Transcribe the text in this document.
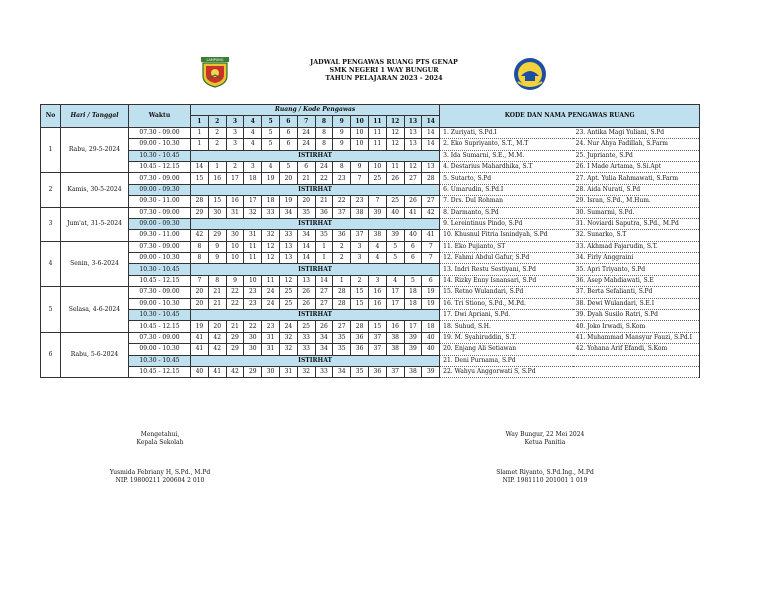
LAMPUNG	JADWAL PENGAWAS RUANG PTS GENAP
SMK NEGERI 1 WAY BUNGUR
TAHUN PELAJARAN 2023 - 2024
No	Hari / Tanggal	Waktu	Ruang / Kode Pengawas														KODE DAN NAMA PENGAWAS RUANG	
			1	2	3	4	5	6	7	8	9	10	11	12	13	14		
1	Rabu, 29-5-2024	07.30 - 09.00	1	2	3	4	5	6	24	8	9	10	11	12	13	14	1. Zuriyati, S.Pd.I	23. Antika Magi Yuliani, S.Pd
		09.00 - 10.30	1	2	3	4	5	6	24	8	9	10	11	12	13	14	2. Eko Supriyanto, S.T., M.T	24. Nur Ahya Fadillah, S.Farm
		10.30 - 10.45	ISTIRHAT														3. Ida Sumarni, S.E., M.M.	25. Jupriante, S.Pd
		10.45 - 12.15	14	1	2	3	4	5	6	24	8	9	10	11	12	13	4. Destarius Mahardhika, S.T	26. I Made Artama, S.Si.Apt
2	Kamis, 30-5-2024	07.30 - 09.00	15	16	17	18	19	20	21	22	23	7	25	26	27	28	5. Sutarto, S.Pd	27. Apt. Yulia Rahmawati, S.Farm
		09.00 - 09.30	ISTIRHAT														6. Umarudin, S.Pd.I	28. Aida Nurati, S.Pd
		09.30 - 11.00	28	15	16	17	18	19	20	21	22	23	7	25	26	27	7. Drs. Dul Rohman	29. Isran, S.Pd., M.Hum.
3	Jum'at, 31-5-2024	07.30 - 09.00	29	30	31	32	33	34	35	36	37	38	39	40	41	42	8. Darmanto, S.Pd	30. Sumarmi, S.Pd.
		09.00 - 09.30	ISTIRHAT														9. Lereintinus Pindo, S.Pd	31. Noviardi Saputra, S.Pd., M.Pd
		09.30 - 11.00	42	29	30	31	32	33	34	35	36	37	38	39	40	41	10. Khusnul Fitria Isnindyah, S.Pd	32. Sunarko, S.T
4	Senin, 3-6-2024	07.30 - 09.00	8	9	10	11	12	13	14	1	2	3	4	5	6	7	11. Eko Pujianto, ST	33. Akhmad Fajarudin, S.T.
		09.00 - 10.30	8	9	10	11	12	13	14	1	2	3	4	5	6	7	12. Fahmi Abdul Gafur, S.Pd	34. Firly Anggraini
		10.30 - 10.45	ISTIRHAT														13. Indri Restu Sestiyani, S.Pd	35. Apri Triyanto, S.Pd
		10.45 - 12.15	7	8	9	10	11	12	13	14	1	2	3	4	5	6	14. Rizky Enny Isnansari, S.Pd	36. Asep Mahdiawati, S.E
5	Selasa, 4-6-2024	07.30 - 09.00	20	21	22	23	24	25	26	27	28	15	16	17	18	19	15. Retno Wulandari, S.Pd	37. Berta Sefalianti, S.Pd
		09.00 - 10.30	20	21	22	23	24	25	26	27	28	15	16	17	18	19	16. Tri Stiono, S.Pd., M.Pd.	38. Dewi Wulandari, S.E.I
		10.30 - 10.45	ISTIRHAT														17. Dwi Apriani, S.Pd.	39. Dyah Susilo Ratri, S.Pd
		10.45 - 12.15	19	20	21	22	23	24	25	26	27	28	15	16	17	18	18. Suhud, S.H.	40. Joko Irwadi, S.Kom
6	Rabu, 5-6-2024	07.30 - 09.00	41	42	29	30	31	32	33	34	35	36	37	38	39	40	19. M. Syahiruddin, S.T.	41. Muhammad Mansyur Fauzi, S.Pd.I
		09.00 - 10.30	41	42	29	30	31	32	33	34	35	36	37	38	39	40	20. Enjang Ali Setiawan	42. Yohana Arif Efandi, S.Kom
		10.30 - 10.45	ISTIRHAT														21. Deni Purnama, S.Pd	
		10.45 - 12.15	40	41	42	29	30	31	32	33	34	35	36	37	38	39	22. Wahyu Anggorwati S, S.Pd	
Mengetahui,
Kepala Sekolah
Yusmida Febriany H, S.Pd., M.Pd
NIP. 19800211 200604 2 010
Way Bungur, 22 Mei 2024
Ketua Panitia
Slamet Riyanto, S.Pd.Ing., M.Pd
NIP. 1981110 201001 1 019
